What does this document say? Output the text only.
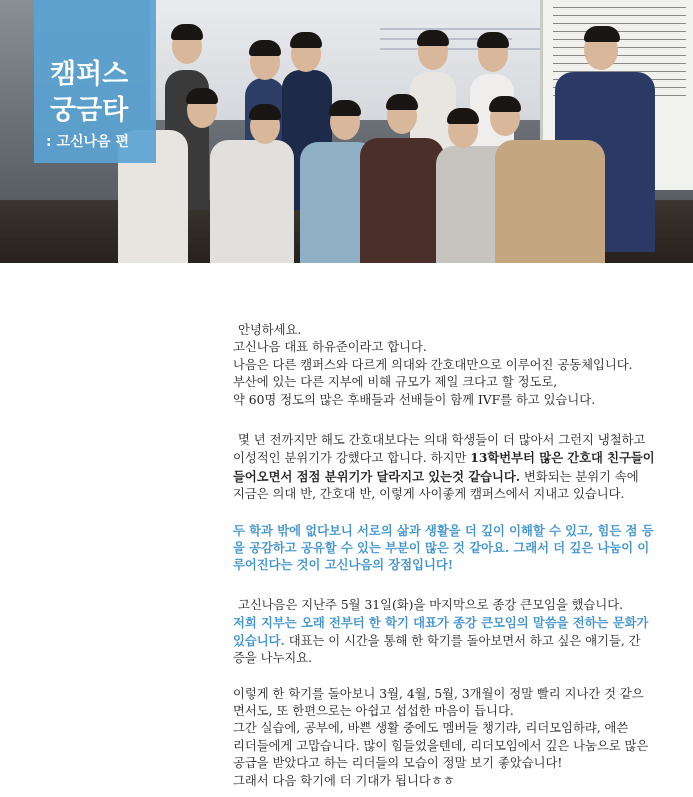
캠퍼스
궁금타
: 고신나음 편

안녕하세요.

고신나음 대표 하유준이라고 합니다.

나음은 다른 캠퍼스와 다르게 의대와 간호대만으로 이루어진 공동체입니다.

부산에 있는 다른 지부에 비해 규모가 제일 크다고 할 정도로,

약 60명 정도의 많은 후배들과 선배들이 함께 IVF를 하고 있습니다.

몇 년 전까지만 해도 간호대보다는 의대 학생들이 더 많아서 그런지 냉철하고

이성적인 분위기가 강했다고 합니다. 하지만 13학번부터 많은 간호대 친구들이

들어오면서 점점 분위기가 달라지고 있는것 같습니다. 변화되는 분위기 속에

지금은 의대 반, 간호대 반, 이렇게 사이좋게 캠퍼스에서 지내고 있습니다.

두 학과 밖에 없다보니 서로의 삶과 생활을 더 깊이 이해할 수 있고, 힘든 점 등

을 공감하고 공유할 수 있는 부분이 많은 것 같아요. 그래서 더 깊은 나눔이 이

루어진다는 것이 고신나음의 장점입니다!

고신나음은 지난주 5월 31일(화)을 마지막으로 종강 큰모임을 했습니다.

저희 지부는 오래 전부터 한 학기 대표가 종강 큰모임의 말씀을 전하는 문화가

있습니다. 대표는 이 시간을 통해 한 학기를 돌아보면서 하고 싶은 얘기들, 간

증을 나누지요.

이렇게 한 학기를 돌아보니 3월, 4월, 5월, 3개월이 정말 빨리 지나간 것 같으

면서도, 또 한편으로는 아쉽고 섭섭한 마음이 듭니다.

그간 실습에, 공부에, 바쁜 생활 중에도 멤버들 챙기랴, 리더모임하랴, 애쓴

리더들에게 고맙습니다. 많이 힘들었을텐데, 리더모임에서 깊은 나눔으로 많은

공급을 받았다고 하는 리더들의 모습이 정말 보기 좋았습니다!

그래서 다음 학기에 더 기대가 됩니다ㅎㅎ
